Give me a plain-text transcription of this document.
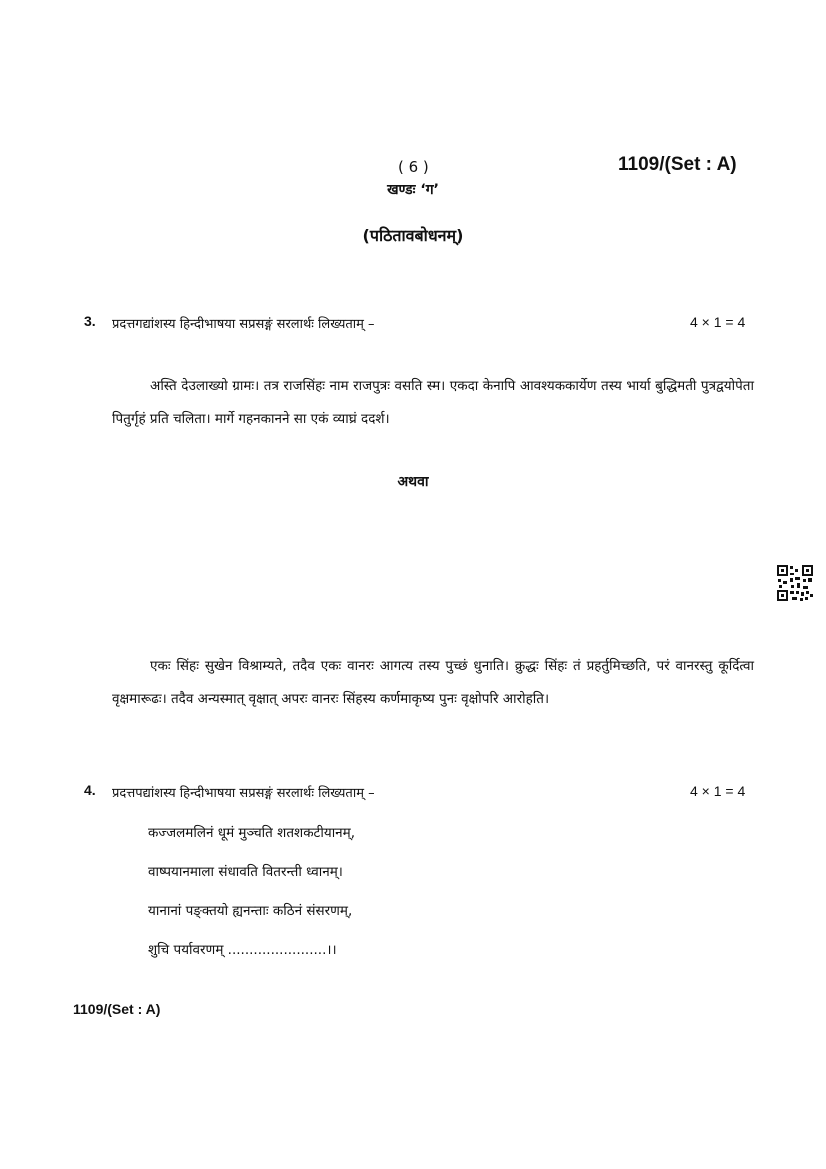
( 6 )	1109/(Set : A)
खण्डः ‘ग’
(पठितावबोधनम्)
3. प्रदत्तगद्यांशस्य हिन्दीभाषया सप्रसङ्गं सरलार्थः लिख्यताम् –	4 × 1 = 4
अस्ति देउलाख्यो ग्रामः। तत्र राजसिंहः नाम राजपुत्रः वसति स्म। एकदा केनापि आवश्यककार्येण तस्य भार्या बुद्धिमती पुत्रद्वयोपेता पितुर्गृहं प्रति चलिता। मार्गे गहनकानने सा एकं व्याघ्रं ददर्श।
अथवा
एकः सिंहः सुखेन विश्राम्यते, तदैव एकः वानरः आगत्य तस्य पुच्छं धुनाति। क्रुद्धः सिंहः तं प्रहर्तुमिच्छति, परं वानरस्तु कूर्दित्वा वृक्षमारूढः। तदैव अन्यस्मात् वृक्षात् अपरः वानरः सिंहस्य कर्णमाकृष्य पुनः वृक्षोपरि आरोहति।
4. प्रदत्तपद्यांशस्य हिन्दीभाषया सप्रसङ्गं सरलार्थः लिख्यताम् –	4 × 1 = 4
कज्जलमलिनं धूमं मुञ्चति शतशकटीयानम्,
वाष्पयानमाला संधावति वितरन्ती ध्वानम्।
यानानां पङ्क्तयो ह्यनन्ताः कठिनं संसरणम्,
शुचि पर्यावरणम् .......................।।
1109/(Set : A)
